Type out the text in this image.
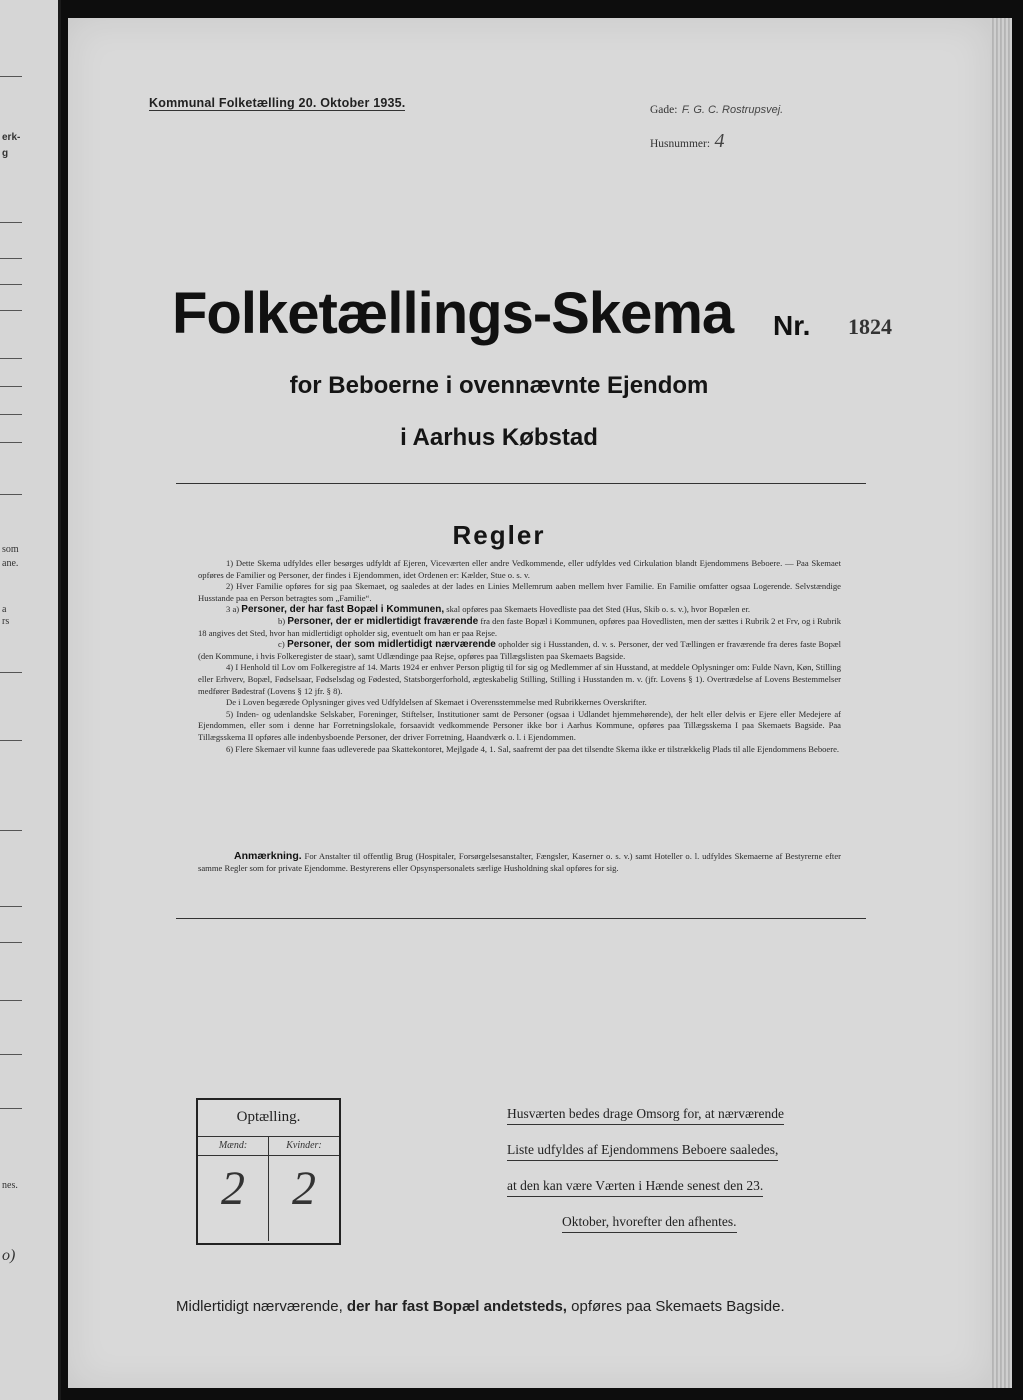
erk-
g
som
ane.
a
rs
nes.
o)
Kommunal Folketælling 20. Oktober 1935.	Gade: F. G. C. Rostrupsvej.
Husnummer: 4
Folketællings-Skema Nr. 1824
for Beboerne i ovennævnte Ejendom
i Aarhus Købstad
Regler

1) Dette Skema udfyldes eller besørges udfyldt af Ejeren, Viceværten eller andre Vedkommende, eller udfyldes ved Cirkulation blandt Ejendommens Beboere. — Paa Skemaet opføres de Familier og Personer, der findes i Ejendommen, idet Ordenen er: Kælder, Stue o. s. v.

2) Hver Familie opføres for sig paa Skemaet, og saaledes at der lades en Linies Mellemrum aaben mellem hver Familie. En Familie omfatter ogsaa Logerende. Selvstændige Husstande paa en Person betragtes som „Familie“.

3 a) Personer, der har fast Bopæl i Kommunen, skal opføres paa Skemaets Hovedliste paa det Sted (Hus, Skib o. s. v.), hvor Bopælen er.

b) Personer, der er midlertidigt fraværende fra den faste Bopæl i Kommunen, opføres paa Hovedlisten, men der sættes i Rubrik 2 et Frv, og i Rubrik 18 angives det Sted, hvor han midlertidigt opholder sig, eventuelt om han er paa Rejse.

c) Personer, der som midlertidigt nærværende opholder sig i Husstanden, d. v. s. Personer, der ved Tællingen er fraværende fra deres faste Bopæl (den Kommune, i hvis Folkeregister de staar), samt Udlændinge paa Rejse, opføres paa Tillægslisten paa Skemaets Bagside.

4) I Henhold til Lov om Folkeregistre af 14. Marts 1924 er enhver Person pligtig til for sig og Medlemmer af sin Husstand, at meddele Oplysninger om: Fulde Navn, Køn, Stilling eller Erhverv, Bopæl, Fødselsaar, Fødselsdag og Fødested, Statsborgerforhold, ægteskabelig Stilling, Stilling i Husstanden m. v. (jfr. Lovens § 1). Overtrædelse af Lovens Bestemmelser medfører Bødestraf (Lovens § 12 jfr. § 8).

De i Loven begærede Oplysninger gives ved Udfyldelsen af Skemaet i Overensstemmelse med Rubrikkernes Overskrifter.

5) Inden- og udenlandske Selskaber, Foreninger, Stiftelser, Institutioner samt de Personer (ogsaa i Udlandet hjemmehørende), der helt eller delvis er Ejere eller Medejere af Ejendommen, eller som i denne har Forretningslokale, forsaavidt vedkommende Personer ikke bor i Aarhus Kommune, opføres paa Tillægsskema I paa Skemaets Bagside. Paa Tillægsskema II opføres alle indenbysboende Personer, der driver Forretning, Haandværk o. l. i Ejendommen.

6) Flere Skemaer vil kunne faas udleverede paa Skattekontoret, Mejlgade 4, 1. Sal, saafremt der paa det tilsendte Skema ikke er tilstrækkelig Plads til alle Ejendommens Beboere.

Anmærkning. For Anstalter til offentlig Brug (Hospitaler, Forsørgelsesanstalter, Fængsler, Kaserner o. s. v.) samt Hoteller o. l. udfyldes Skemaerne af Bestyrerne efter samme Regler som for private Ejendomme. Bestyrerens eller Opsynspersonalets særlige Husholdning skal opføres for sig.
Optælling.
Mænd:
2
Kvinder:
2
Husværten bedes drage Omsorg for, at nærværende
Liste udfyldes af Ejendommens Beboere saaledes,
at den kan være Værten i Hænde senest den 23.
Oktober, hvorefter den afhentes.
Midlertidigt nærværende, der har fast Bopæl andetsteds, opføres paa Skemaets Bagside.
